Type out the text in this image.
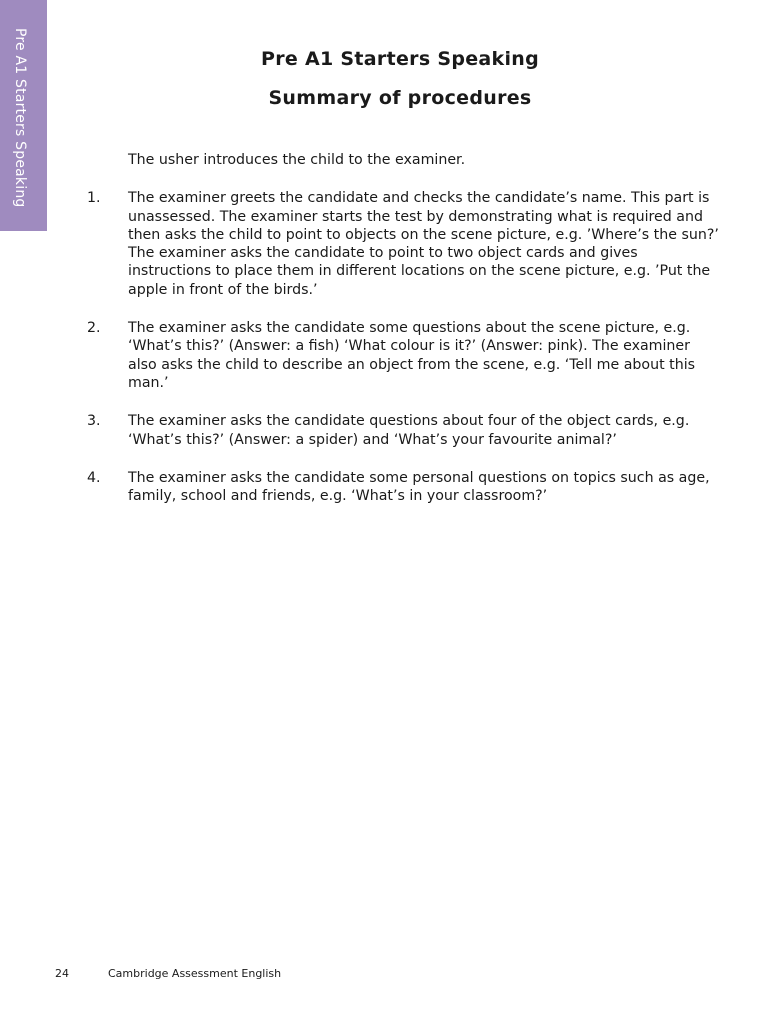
Pre A1 Starters Speaking	Pre A1 Starters Speaking
Summary of procedures
The usher introduces the child to the examiner.
1.	The examiner greets the candidate and checks the candidate’s name. This part is unassessed. The examiner starts the test by demonstrating what is required and then asks the child to point to objects on the scene picture, e.g. ’Where’s the sun?’ The examiner asks the candidate to point to two object cards and gives instructions to place them in different locations on the scene picture, e.g. ’Put the apple in front of the birds.’
2.	The examiner asks the candidate some questions about the scene picture, e.g. ‘What’s this?’ (Answer: a fish) ‘What colour is it?’ (Answer: pink). The examiner also asks the child to describe an object from the scene, e.g. ‘Tell me about this man.’
3.	The examiner asks the candidate questions about four of the object cards, e.g. ‘What’s this?’ (Answer: a spider) and ‘What’s your favourite animal?’
4.	The examiner asks the candidate some personal questions on topics such as age, family, school and friends, e.g. ‘What’s in your classroom?’
24	Cambridge Assessment English
